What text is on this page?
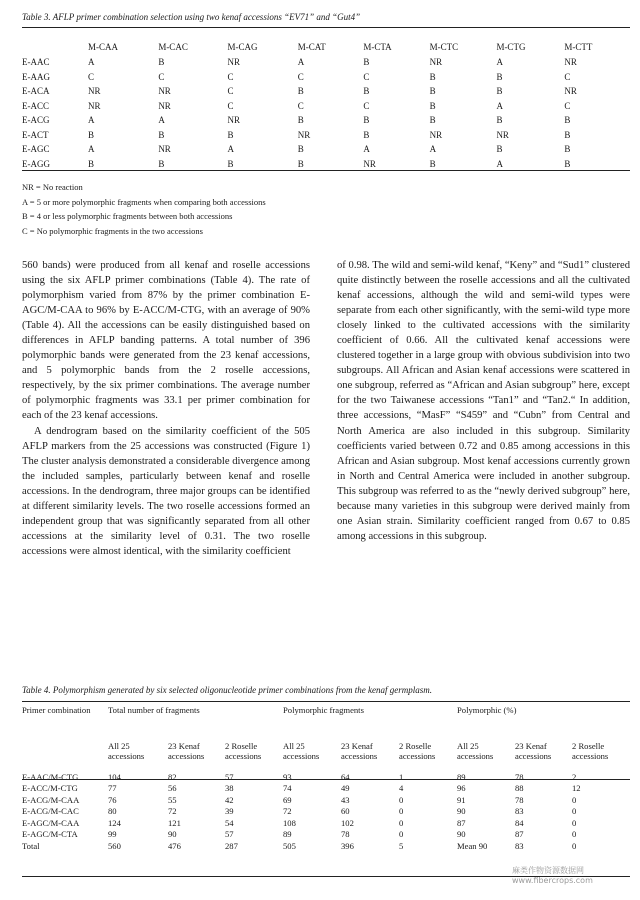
Table 3. AFLP primer combination selection using two kenaf accessions “EV71” and “Gut4”
	M-CAA	M-CAC	M-CAG	M-CAT	M-CTA	M-CTC	M-CTG	M-CTT
E-AAC	A	B	NR	A	B	NR	A	NR
E-AAG	C	C	C	C	C	B	B	C
E-ACA	NR	NR	C	B	B	B	B	NR
E-ACC	NR	NR	C	C	C	B	A	C
E-ACG	A	A	NR	B	B	B	B	B
E-ACT	B	B	B	NR	B	NR	NR	B
E-AGC	A	NR	A	B	A	A	B	B
E-AGG	B	B	B	B	NR	B	A	B
NR = No reaction
A = 5 or more polymorphic fragments when comparing both accessions
B = 4 or less polymorphic fragments between both accessions
C = No polymorphic fragments in the two accessions

560 bands) were produced from all kenaf and roselle accessions using the six AFLP primer combinations (Table 4). The rate of polymorphism varied from 87% by the primer combination E-AGC/M-CAA to 96% by E-ACC/M-CTG, with an average of 90% (Table 4). All the accessions can be easily distinguished based on differences in AFLP banding patterns. A total number of 396 polymorphic bands were generated from the 23 kenaf accessions, and 5 polymorphic bands from the 2 roselle accessions, respectively, by the six primer combinations. The average number of polymorphic fragments was 33.1 per primer combination for each of the 23 kenaf accessions.

A dendrogram based on the similarity coefficient of the 505 AFLP markers from the 25 accessions was constructed (Figure 1) The cluster analysis demonstrated a considerable divergence among the included samples, particularly between kenaf and roselle accessions. In the dendrogram, three major groups can be identified at different similarity levels. The two roselle accessions formed an independent group that was significantly separated from all other accessions at the similarity level of 0.31. The two roselle accessions were almost identical, with the similarity coefficient

of 0.98. The wild and semi-wild kenaf, “Keny” and “Sud1” clustered quite distinctly between the roselle accessions and all the cultivated kenaf accessions, although the wild and semi-wild types were separate from each other significantly, with the semi-wild type more closely linked to the cultivated accessions with the similarity coefficient of 0.66. All the cultivated kenaf accessions were clustered together in a large group with obvious subdivision into two subgroups. All African and Asian kenaf accessions were scattered in one subgroup, referred as “African and Asian subgroup” here, except for the two Taiwanese accessions “Tan1” and “Tan2.“ In addition, three accessions, “MasF” “S459” and “Cubn” from Central and North America are also included in this subgroup. Similarity coefficients varied between 0.72 and 0.85 among accessions in this African and Asian subgroup. Most kenaf accessions currently grown in North and Central America were included in another subgroup. This subgroup was referred to as the “newly derived subgroup” here, because many varieties in this subgroup were derived mainly from one Asian strain. Similarity coefficient ranged from 0.67 to 0.85 among accessions in this subgroup.

Table 4. Polymorphism generated by six selected oligonucleotide primer combinations from the kenaf germplasm.
Primer combination	Total number of fragments			Polymorphic fragments			Polymorphic (%)		
	All 25 accessions	23 Kenaf accessions	2 Roselle accessions	All 25 accessions	23 Kenaf accessions	2 Roselle accessions	All 25 accessions	23 Kenaf accessions	2 Roselle accessions
E-AAC/M-CTG	104	82	57	93	64	1	89	78	2
E-ACC/M-CTG	77	56	38	74	49	4	96	88	12
E-ACG/M-CAA	76	55	42	69	43	0	91	78	0
E-ACG/M-CAC	80	72	39	72	60	0	90	83	0
E-AGC/M-CAA	124	121	54	108	102	0	87	84	0
E-AGC/M-CTA	99	90	57	89	78	0	90	87	0
Total	560	476	287	505	396	5	Mean 90	83	0
麻类作物资源数据网
www.fibercrops.com
